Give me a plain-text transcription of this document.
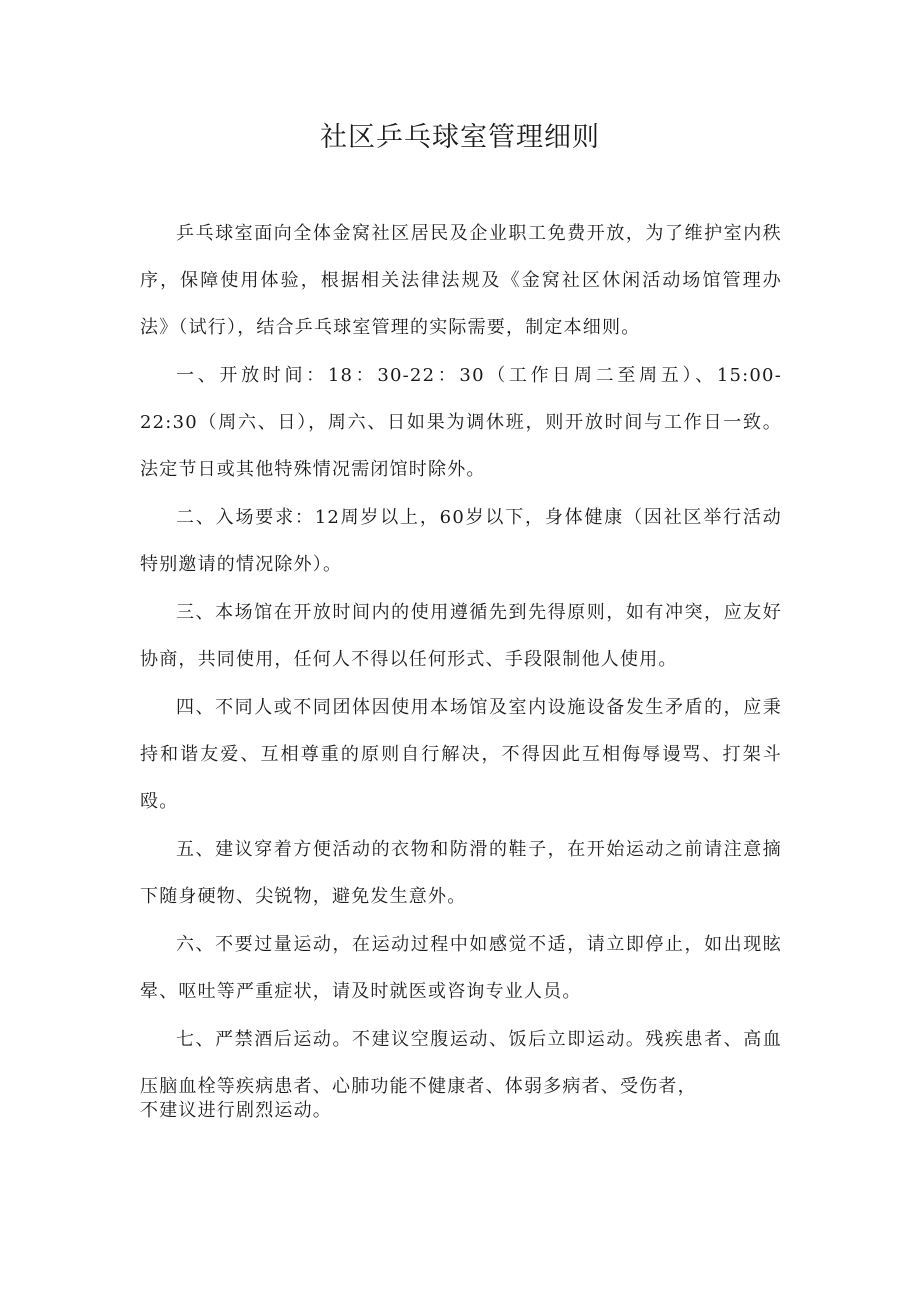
社区乒乓球室管理细则

乒乓球室面向全体金窝社区居民及企业职工免费开放，为了维护室内秩序，保障使用体验，根据相关法律法规及《金窝社区休闲活动场馆管理办法》（试行），结合乒乓球室管理的实际需要，制定本细则。

一、开放时间：18：30-22：30（工作日周二至周五）、15:00-22:30（周六、日），周六、日如果为调休班，则开放时间与工作日一致。法定节日或其他特殊情况需闭馆时除外。

二、入场要求：12周岁以上，60岁以下，身体健康（因社区举行活动特别邀请的情况除外）。

三、本场馆在开放时间内的使用遵循先到先得原则，如有冲突，应友好协商，共同使用，任何人不得以任何形式、手段限制他人使用。

四、不同人或不同团体因使用本场馆及室内设施设备发生矛盾的，应秉持和谐友爱、互相尊重的原则自行解决，不得因此互相侮辱谩骂、打架斗殴。

五、建议穿着方便活动的衣物和防滑的鞋子，在开始运动之前请注意摘下随身硬物、尖锐物，避免发生意外。

六、不要过量运动，在运动过程中如感觉不适，请立即停止，如出现眩晕、呕吐等严重症状，请及时就医或咨询专业人员。

七、严禁酒后运动。不建议空腹运动、饭后立即运动。残疾患者、高血压脑血栓等疾病患者、心肺功能不健康者、体弱多病者、受伤者，

不建议进行剧烈运动。
